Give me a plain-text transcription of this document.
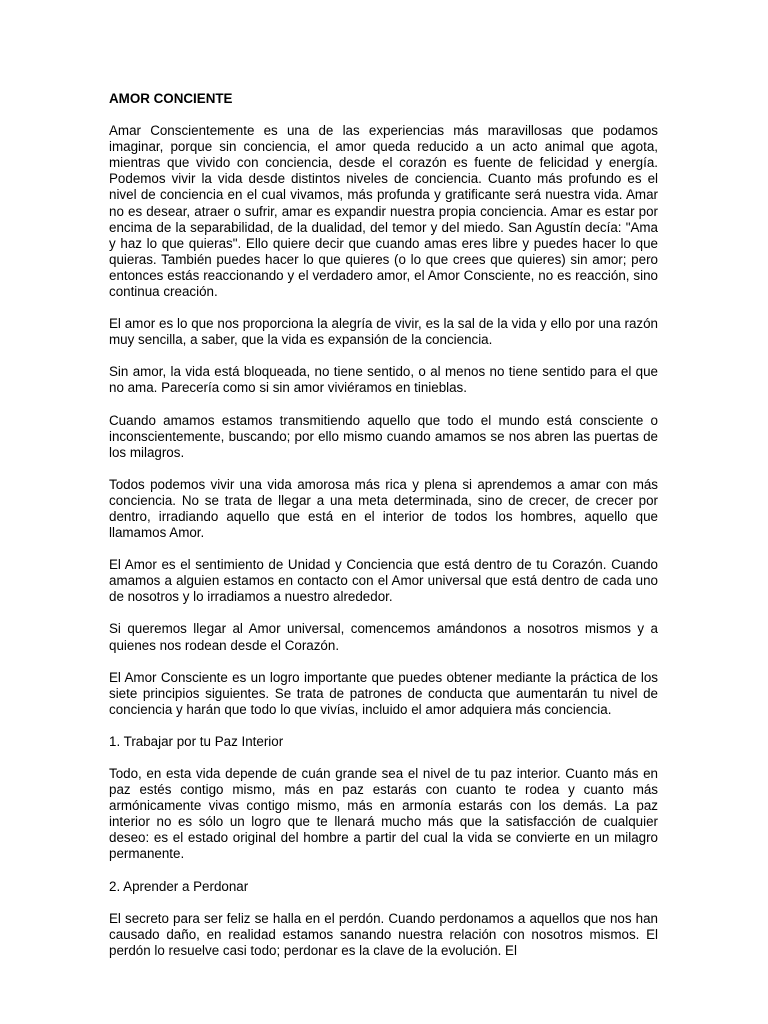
AMOR CONCIENTE

Amar Conscientemente es una de las experiencias más maravillosas que podamos imaginar, porque sin conciencia, el amor queda reducido a un acto animal que agota, mientras que vivido con conciencia, desde el corazón es fuente de felicidad y energía. Podemos vivir la vida desde distintos niveles de conciencia. Cuanto más profundo es el nivel de conciencia en el cual vivamos, más profunda y gratificante será nuestra vida. Amar no es desear, atraer o sufrir, amar es expandir nuestra propia conciencia. Amar es estar por encima de la separabilidad, de la dualidad, del temor y del miedo. San Agustín decía: "Ama y haz lo que quieras". Ello quiere decir que cuando amas eres libre y puedes hacer lo que quieras. También puedes hacer lo que quieres (o lo que crees que quieres) sin amor; pero entonces estás reaccionando y el verdadero amor, el Amor Consciente, no es reacción, sino continua creación.

El amor es lo que nos proporciona la alegría de vivir, es la sal de la vida y ello por una razón muy sencilla, a saber, que la vida es expansión de la conciencia.

Sin amor, la vida está bloqueada, no tiene sentido, o al menos no tiene sentido para el que no ama. Parecería como si sin amor viviéramos en tinieblas.

Cuando amamos estamos transmitiendo aquello que todo el mundo está consciente o inconscientemente, buscando; por ello mismo cuando amamos se nos abren las puertas de los milagros.

Todos podemos vivir una vida amorosa más rica y plena si aprendemos a amar con más conciencia. No se trata de llegar a una meta determinada, sino de crecer, de crecer por dentro, irradiando aquello que está en el interior de todos los hombres, aquello que llamamos Amor.

El Amor es el sentimiento de Unidad y Conciencia que está dentro de tu Corazón. Cuando amamos a alguien estamos en contacto con el Amor universal que está dentro de cada uno de nosotros y lo irradiamos a nuestro alrededor.

Si queremos llegar al Amor universal, comencemos amándonos a nosotros mismos y a quienes nos rodean desde el Corazón.

El Amor Consciente es un logro importante que puedes obtener mediante la práctica de los siete principios siguientes. Se trata de patrones de conducta que aumentarán tu nivel de conciencia y harán que todo lo que vivías, incluido el amor adquiera más conciencia.

1. Trabajar por tu Paz Interior

Todo, en esta vida depende de cuán grande sea el nivel de tu paz interior. Cuanto más en paz estés contigo mismo, más en paz estarás con cuanto te rodea y cuanto más armónicamente vivas contigo mismo, más en armonía estarás con los demás. La paz interior no es sólo un logro que te llenará mucho más que la satisfacción de cualquier deseo: es el estado original del hombre a partir del cual la vida se convierte en un milagro permanente.

2. Aprender a Perdonar

El secreto para ser feliz se halla en el perdón. Cuando perdonamos a aquellos que nos han causado daño, en realidad estamos sanando nuestra relación con nosotros mismos. El perdón lo resuelve casi todo; perdonar es la clave de la evolución. El
